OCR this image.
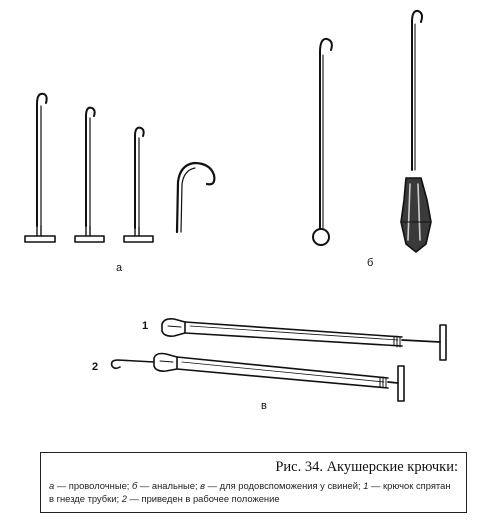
а	б
в
1
2

Рис. 34. Акушерские крючки:

а — проволочные; б — анальные; в — для родовспоможения у свиней; 1 — крючок спрятан в гнезде трубки; 2 — приведен в рабочее положение
